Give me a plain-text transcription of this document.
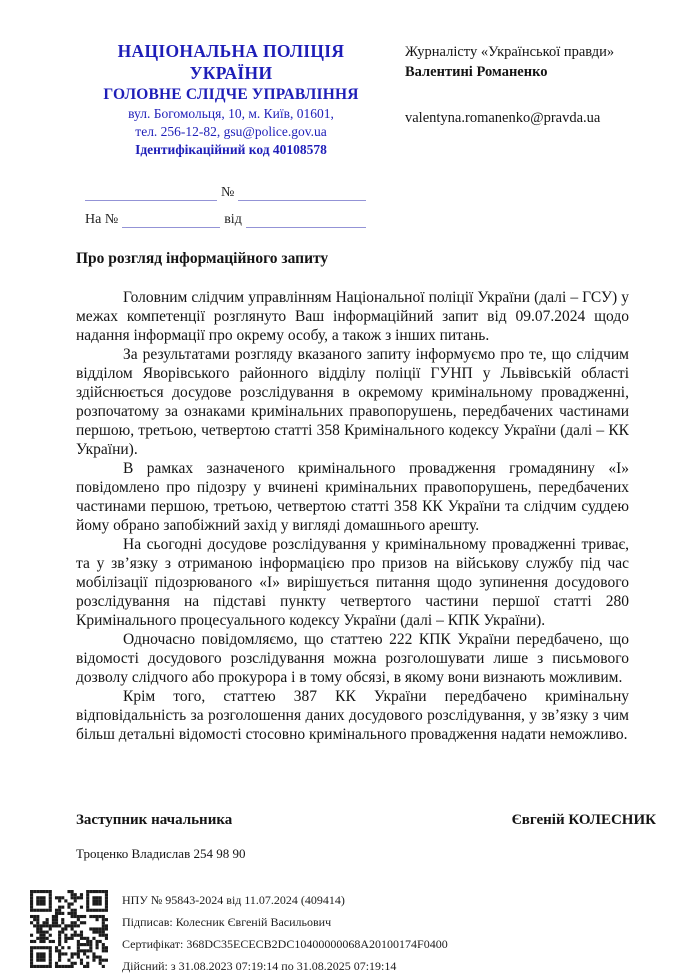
НАЦІОНАЛЬНА ПОЛІЦІЯ
УКРАЇНИ
ГОЛОВНЕ СЛІДЧЕ УПРАВЛІННЯ
вул. Богомольця, 10, м. Київ, 01601,
тел. 256-12-82, gsu@police.gov.ua
Ідентифікаційний код 40108578
Журналісту «Української правди»
Валентині Романенко
valentyna.romanenko@pravda.ua
№
На №	від
Про розгляд інформаційного запиту

Головним слідчим управлінням Національної поліції України (далі – ГСУ) у межах компетенції розглянуто Ваш інформаційний запит від 09.07.2024 щодо надання інформації про окрему особу, а також з інших питань.

За результатами розгляду вказаного запиту інформуємо про те, що слідчим відділом Яворівського районного відділу поліції ГУНП у Львівській області здійснюється досудове розслідування в окремому кримінальному провадженні, розпочатому за ознаками кримінальних правопорушень, передбачених частинами першою, третьою, четвертою статті 358 Кримінального кодексу України (далі – КК України).

В рамках зазначеного кримінального провадження громадянину «І» повідомлено про підозру у вчинені кримінальних правопорушень, передбачених частинами першою, третьою, четвертою статті 358 КК України та слідчим суддею йому обрано запобіжний захід у вигляді домашнього арешту.

На сьогодні досудове розслідування у кримінальному провадженні триває, та у зв’язку з отриманою інформацією про призов на військову службу під час мобілізації підозрюваного «І» вирішується питання щодо зупинення досудового розслідування на підставі пункту четвертого частини першої статті 280 Кримінального процесуального кодексу України (далі – КПК України).

Одночасно повідомляємо, що статтею 222 КПК України передбачено, що відомості досудового розслідування можна розголошувати лише з письмового дозволу слідчого або прокурора і в тому обсязі, в якому вони визнають можливим.

Крім того, статтею 387 КК України передбачено кримінальну відповідальність за розголошення даних досудового розслідування, у зв’язку з чим більш детальні відомості стосовно кримінального провадження надати неможливо.

Заступник начальника	Євгеній КОЛЕСНИК
Троценко Владислав 254 98 90
НПУ № 95843-2024 від 11.07.2024 (409414)
Підписав: Колесник Євгеній Васильович
Сертифікат: 368DC35ECECB2DC10400000068A20100174F0400
Дійсний: з 31.08.2023 07:19:14 по 31.08.2025 07:19:14
